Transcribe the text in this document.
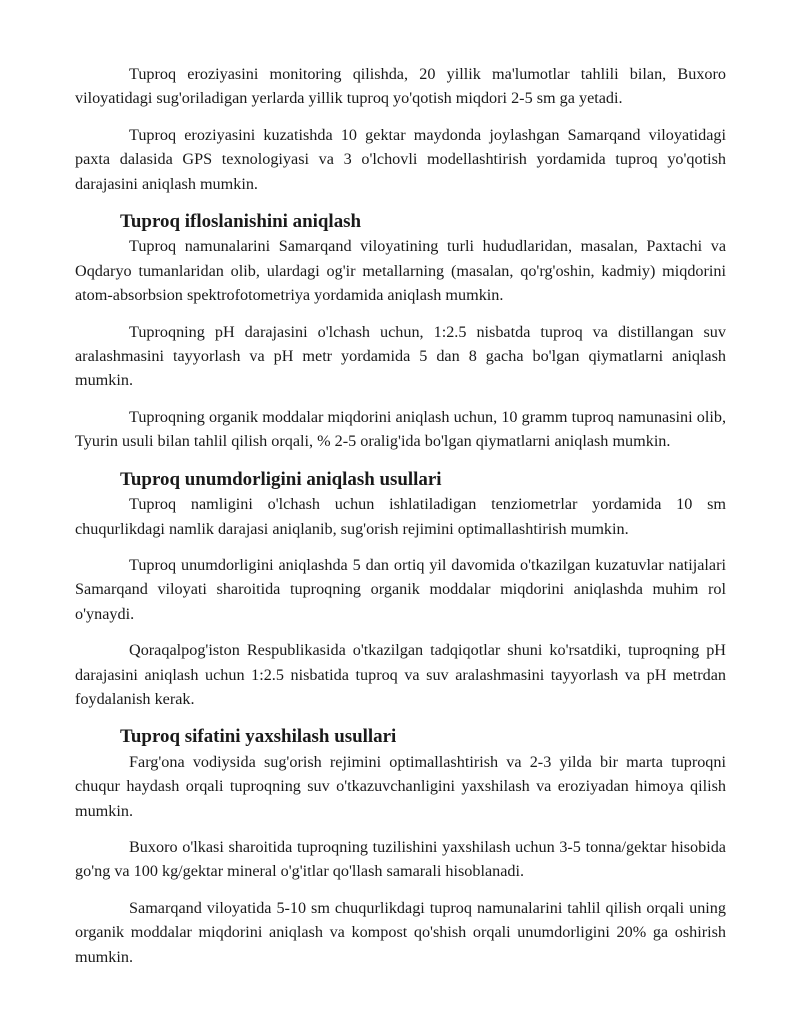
Tuproq eroziyasini monitoring qilishda, 20 yillik ma'lumotlar tahlili bilan, Buxoro viloyatidagi sug'oriladigan yerlarda yillik tuproq yo'qotish miqdori 2-5 sm ga yetadi.

Tuproq eroziyasini kuzatishda 10 gektar maydonda joylashgan Samarqand viloyatidagi paxta dalasida GPS texnologiyasi va 3 o'lchovli modellashtirish yordamida tuproq yo'qotish darajasini aniqlash mumkin.

Tuproq ifloslanishini aniqlash

Tuproq namunalarini Samarqand viloyatining turli hududlaridan, masalan, Paxtachi va Oqdaryo tumanlaridan olib, ulardagi og'ir metallarning (masalan, qo'rg'oshin, kadmiy) miqdorini atom-absorbsion spektrofotometriya yordamida aniqlash mumkin.

Tuproqning pH darajasini o'lchash uchun, 1:2.5 nisbatda tuproq va distillangan suv aralashmasini tayyorlash va pH metr yordamida 5 dan 8 gacha bo'lgan qiymatlarni aniqlash mumkin.

Tuproqning organik moddalar miqdorini aniqlash uchun, 10 gramm tuproq namunasini olib, Tyurin usuli bilan tahlil qilish orqali, % 2-5 oralig'ida bo'lgan qiymatlarni aniqlash mumkin.

Tuproq unumdorligini aniqlash usullari

Tuproq namligini o'lchash uchun ishlatiladigan tenziometrlar yordamida 10 sm chuqurlikdagi namlik darajasi aniqlanib, sug'orish rejimini optimallashtirish mumkin.

Tuproq unumdorligini aniqlashda 5 dan ortiq yil davomida o'tkazilgan kuzatuvlar natijalari Samarqand viloyati sharoitida tuproqning organik moddalar miqdorini aniqlashda muhim rol o'ynaydi.

Qoraqalpog'iston Respublikasida o'tkazilgan tadqiqotlar shuni ko'rsatdiki, tuproqning pH darajasini aniqlash uchun 1:2.5 nisbatida tuproq va suv aralashmasini tayyorlash va pH metrdan foydalanish kerak.

Tuproq sifatini yaxshilash usullari

Farg'ona vodiysida sug'orish rejimini optimallashtirish va 2-3 yilda bir marta tuproqni chuqur haydash orqali tuproqning suv o'tkazuvchanligini yaxshilash va eroziyadan himoya qilish mumkin.

Buxoro o'lkasi sharoitida tuproqning tuzilishini yaxshilash uchun 3-5 tonna/gektar hisobida go'ng va 100 kg/gektar mineral o'g'itlar qo'llash samarali hisoblanadi.

Samarqand viloyatida 5-10 sm chuqurlikdagi tuproq namunalarini tahlil qilish orqali uning organik moddalar miqdorini aniqlash va kompost qo'shish orqali unumdorligini 20% ga oshirish mumkin.
